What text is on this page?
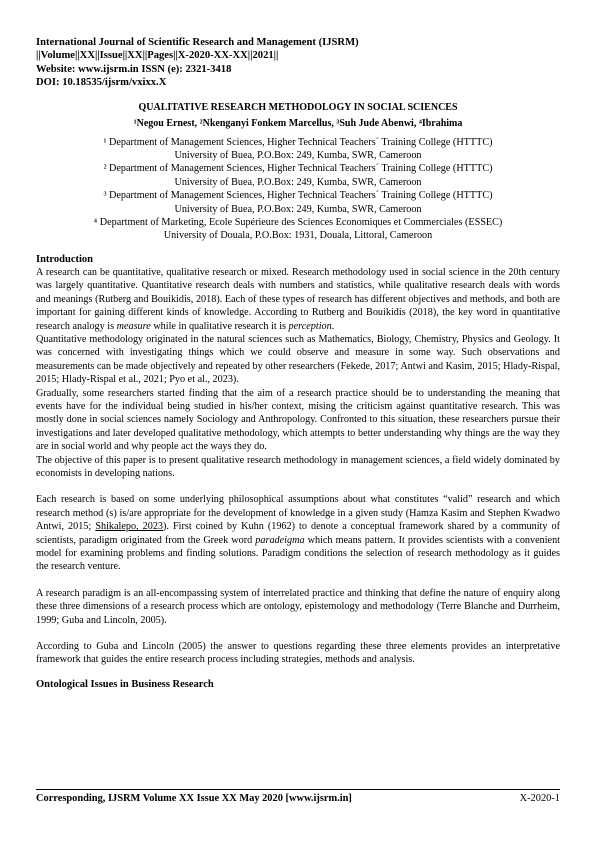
International Journal of Scientific Research and Management (IJSRM)
||Volume||XX||Issue||XX||Pages||X-2020-XX-XX||2021||
Website: www.ijsrm.in ISSN (e): 2321-3418
DOI: 10.18535/ijsrm/vxixx.X
QUALITATIVE RESEARCH METHODOLOGY IN SOCIAL SCIENCES
¹Negou Ernest, ²Nkenganyi Fonkem Marcellus, ³Suh Jude Abenwi, ⁴Ibrahima
¹ Department of Management Sciences, Higher Technical Teachers´ Training College (HTTTC)
University of Buea, P.O.Box: 249, Kumba, SWR, Cameroon
² Department of Management Sciences, Higher Technical Teachers´ Training College (HTTTC)
University of Buea, P.O.Box: 249, Kumba, SWR, Cameroon
³ Department of Management Sciences, Higher Technical Teachers´ Training College (HTTTC)
University of Buea, P.O.Box: 249, Kumba, SWR, Cameroon
⁴ Department of Marketing, Ecole Supérieure des Sciences Economiques et Commerciales (ESSEC)
University of Douala, P.O.Box: 1931, Douala, Littoral, Cameroon
Introduction

A research can be quantitative, qualitative research or mixed. Research methodology used in social science in the 20th century was largely quantitative. Quantitative research deals with numbers and statistics, while qualitative research deals with words and meanings (Rutberg and Bouikidis, 2018). Each of these types of research has different objectives and methods, and both are important for gaining different kinds of knowledge. According to Rutberg and Bouikidis (2018), the key word in quantitative research analogy is measure while in qualitative research it is perception.

Quantitative methodology originated in the natural sciences such as Mathematics, Biology, Chemistry, Physics and Geology. It was concerned with investigating things which we could observe and measure in some way. Such observations and measurements can be made objectively and repeated by other researchers (Fekede, 2017; Antwi and Kasim, 2015; Hlady-Rispal, 2015; Hlady-Rispal et al., 2021; Pyo et al., 2023).

Gradually, some researchers started finding that the aim of a research practice should be to understanding the meaning that events have for the individual being studied in his/her context, mising the criticism against quantitative research. This was mostly done in social sciences namely Sociology and Anthropology. Confronted to this situation, these researchers pursue their investigations and later developed qualitative methodology, which attempts to better understanding why things are the way they are in social world and why people act the ways they do.

The objective of this paper is to present qualitative research methodology in management sciences, a field widely dominated by economists in developing nations.

Each research is based on some underlying philosophical assumptions about what constitutes “valid” research and which research method (s) is/are appropriate for the development of knowledge in a given study (Hamza Kasim and Stephen Kwadwo Antwi, 2015; Shikalepo, 2023). First coined by Kuhn (1962) to denote a conceptual framework shared by a community of scientists, paradigm originated from the Greek word paradeigma which means pattern. It provides scientists with a convenient model for examining problems and finding solutions. Paradigm conditions the selection of research methodology as it guides the research venture.

A research paradigm is an all-encompassing system of interrelated practice and thinking that define the nature of enquiry along these three dimensions of a research process which are ontology, epistemology and methodology (Terre Blanche and Durrheim, 1999; Guba and Lincoln, 2005).

According to Guba and Lincoln (2005) the answer to questions regarding these three elements provides an interpretative framework that guides the entire research process including strategies, methods and analysis.

Ontological Issues in Business Research
Corresponding, IJSRM Volume XX Issue XX May 2020 [www.ijsrm.in]	X-2020-1
